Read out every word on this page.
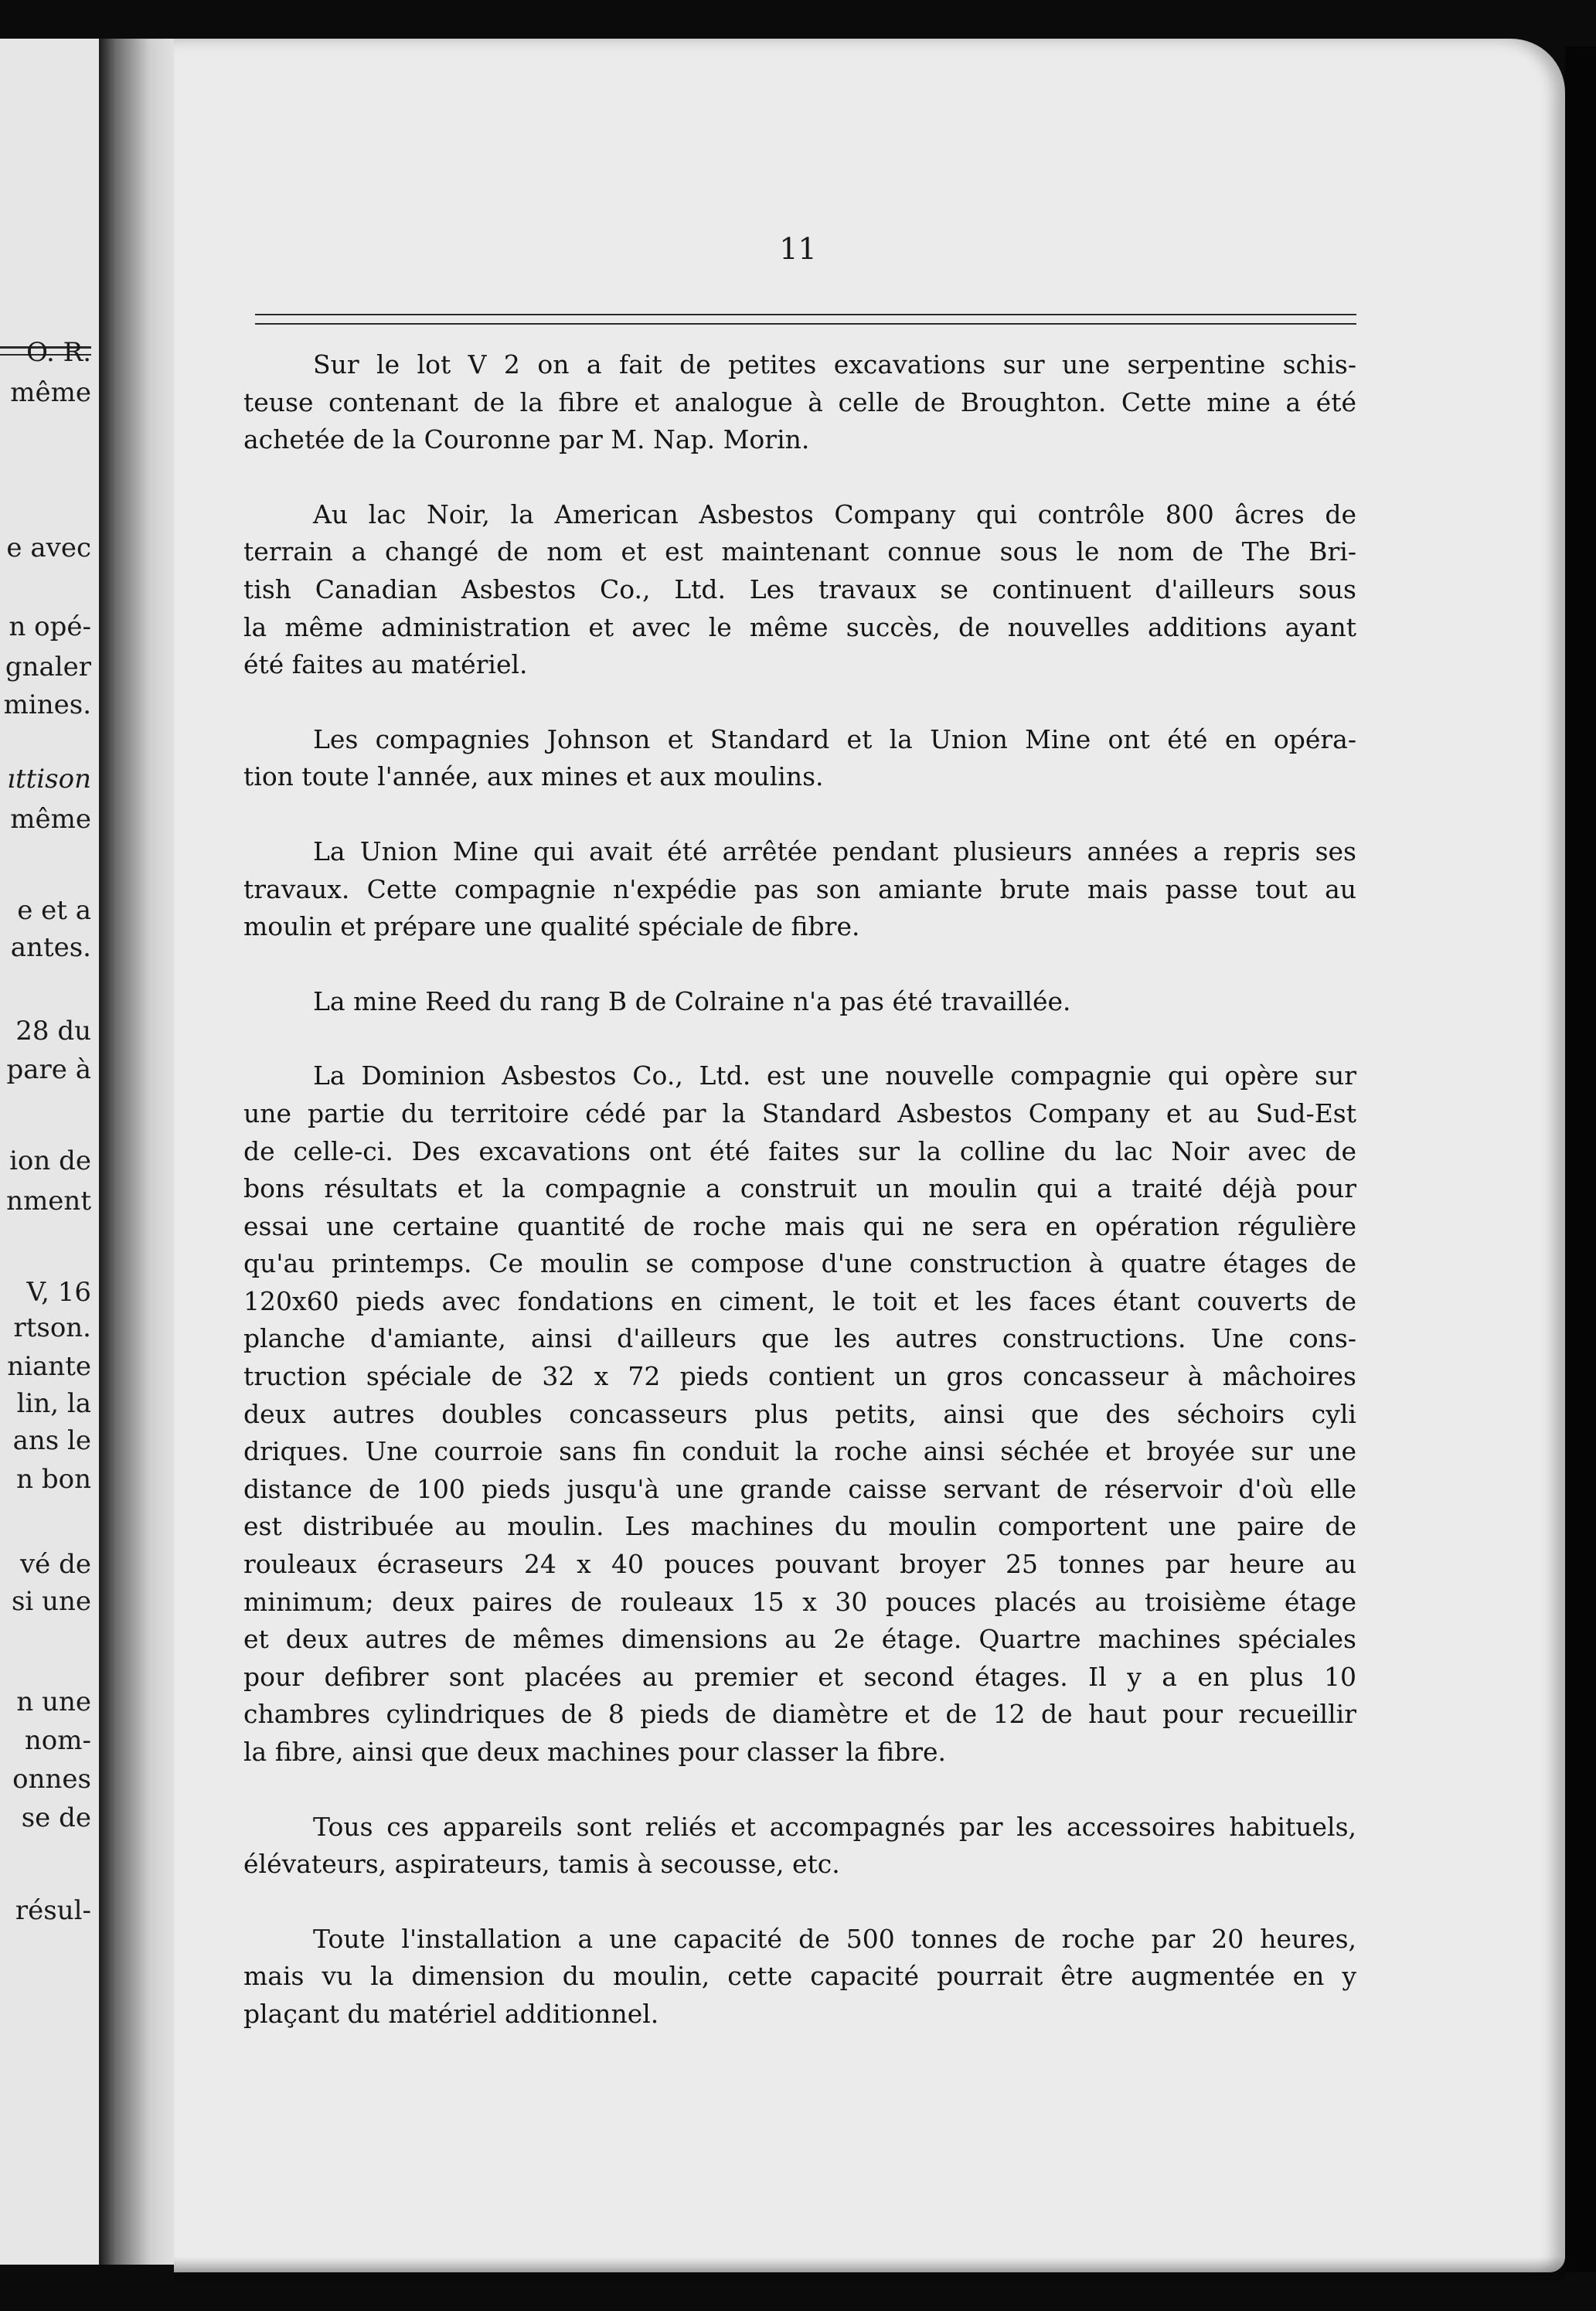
O. R.
même
e avec
n opé-
gnaler
mines.
ıttison
même
e et a
antes.
28 du
pare à
ion de
nment
V, 16
rtson.
niante
lin, la
ans le
n bon
vé de
si une
n une
nom-
onnes
se de
résul-
11
Sur le lot V 2 on a fait de petites excavations sur une serpentine schis-
teuse contenant de la fibre et analogue à celle de Broughton. Cette mine a été
achetée de la Couronne par M. Nap. Morin.
Au lac Noir, la American Asbestos Company qui contrôle 800 âcres de
terrain a changé de nom et est maintenant connue sous le nom de The Bri-
tish Canadian Asbestos Co., Ltd. Les travaux se continuent d'ailleurs sous
la même administration et avec le même succès, de nouvelles additions ayant
été faites au matériel.
Les compagnies Johnson et Standard et la Union Mine ont été en opéra-
tion toute l'année, aux mines et aux moulins.
La Union Mine qui avait été arrêtée pendant plusieurs années a repris ses
travaux. Cette compagnie n'expédie pas son amiante brute mais passe tout au
moulin et prépare une qualité spéciale de fibre.
La mine Reed du rang B de Colraine n'a pas été travaillée.
La Dominion Asbestos Co., Ltd. est une nouvelle compagnie qui opère sur
une partie du territoire cédé par la Standard Asbestos Company et au Sud-Est
de celle-ci. Des excavations ont été faites sur la colline du lac Noir avec de
bons résultats et la compagnie a construit un moulin qui a traité déjà pour
essai une certaine quantité de roche mais qui ne sera en opération régulière
qu'au printemps. Ce moulin se compose d'une construction à quatre étages de
120x60 pieds avec fondations en ciment, le toit et les faces étant couverts de
planche d'amiante, ainsi d'ailleurs que les autres constructions. Une cons-
truction spéciale de 32 x 72 pieds contient un gros concasseur à mâchoires
deux autres doubles concasseurs plus petits, ainsi que des séchoirs cyli
driques. Une courroie sans fin conduit la roche ainsi séchée et broyée sur une
distance de 100 pieds jusqu'à une grande caisse servant de réservoir d'où elle
est distribuée au moulin. Les machines du moulin comportent une paire de
rouleaux écraseurs 24 x 40 pouces pouvant broyer 25 tonnes par heure au
minimum; deux paires de rouleaux 15 x 30 pouces placés au troisième étage
et deux autres de mêmes dimensions au 2e étage. Quartre machines spéciales
pour defibrer sont placées au premier et second étages. Il y a en plus 10
chambres cylindriques de 8 pieds de diamètre et de 12 de haut pour recueillir
la fibre, ainsi que deux machines pour classer la fibre.
Tous ces appareils sont reliés et accompagnés par les accessoires habituels,
élévateurs, aspirateurs, tamis à secousse, etc.
Toute l'installation a une capacité de 500 tonnes de roche par 20 heures,
mais vu la dimension du moulin, cette capacité pourrait être augmentée en y
plaçant du matériel additionnel.
